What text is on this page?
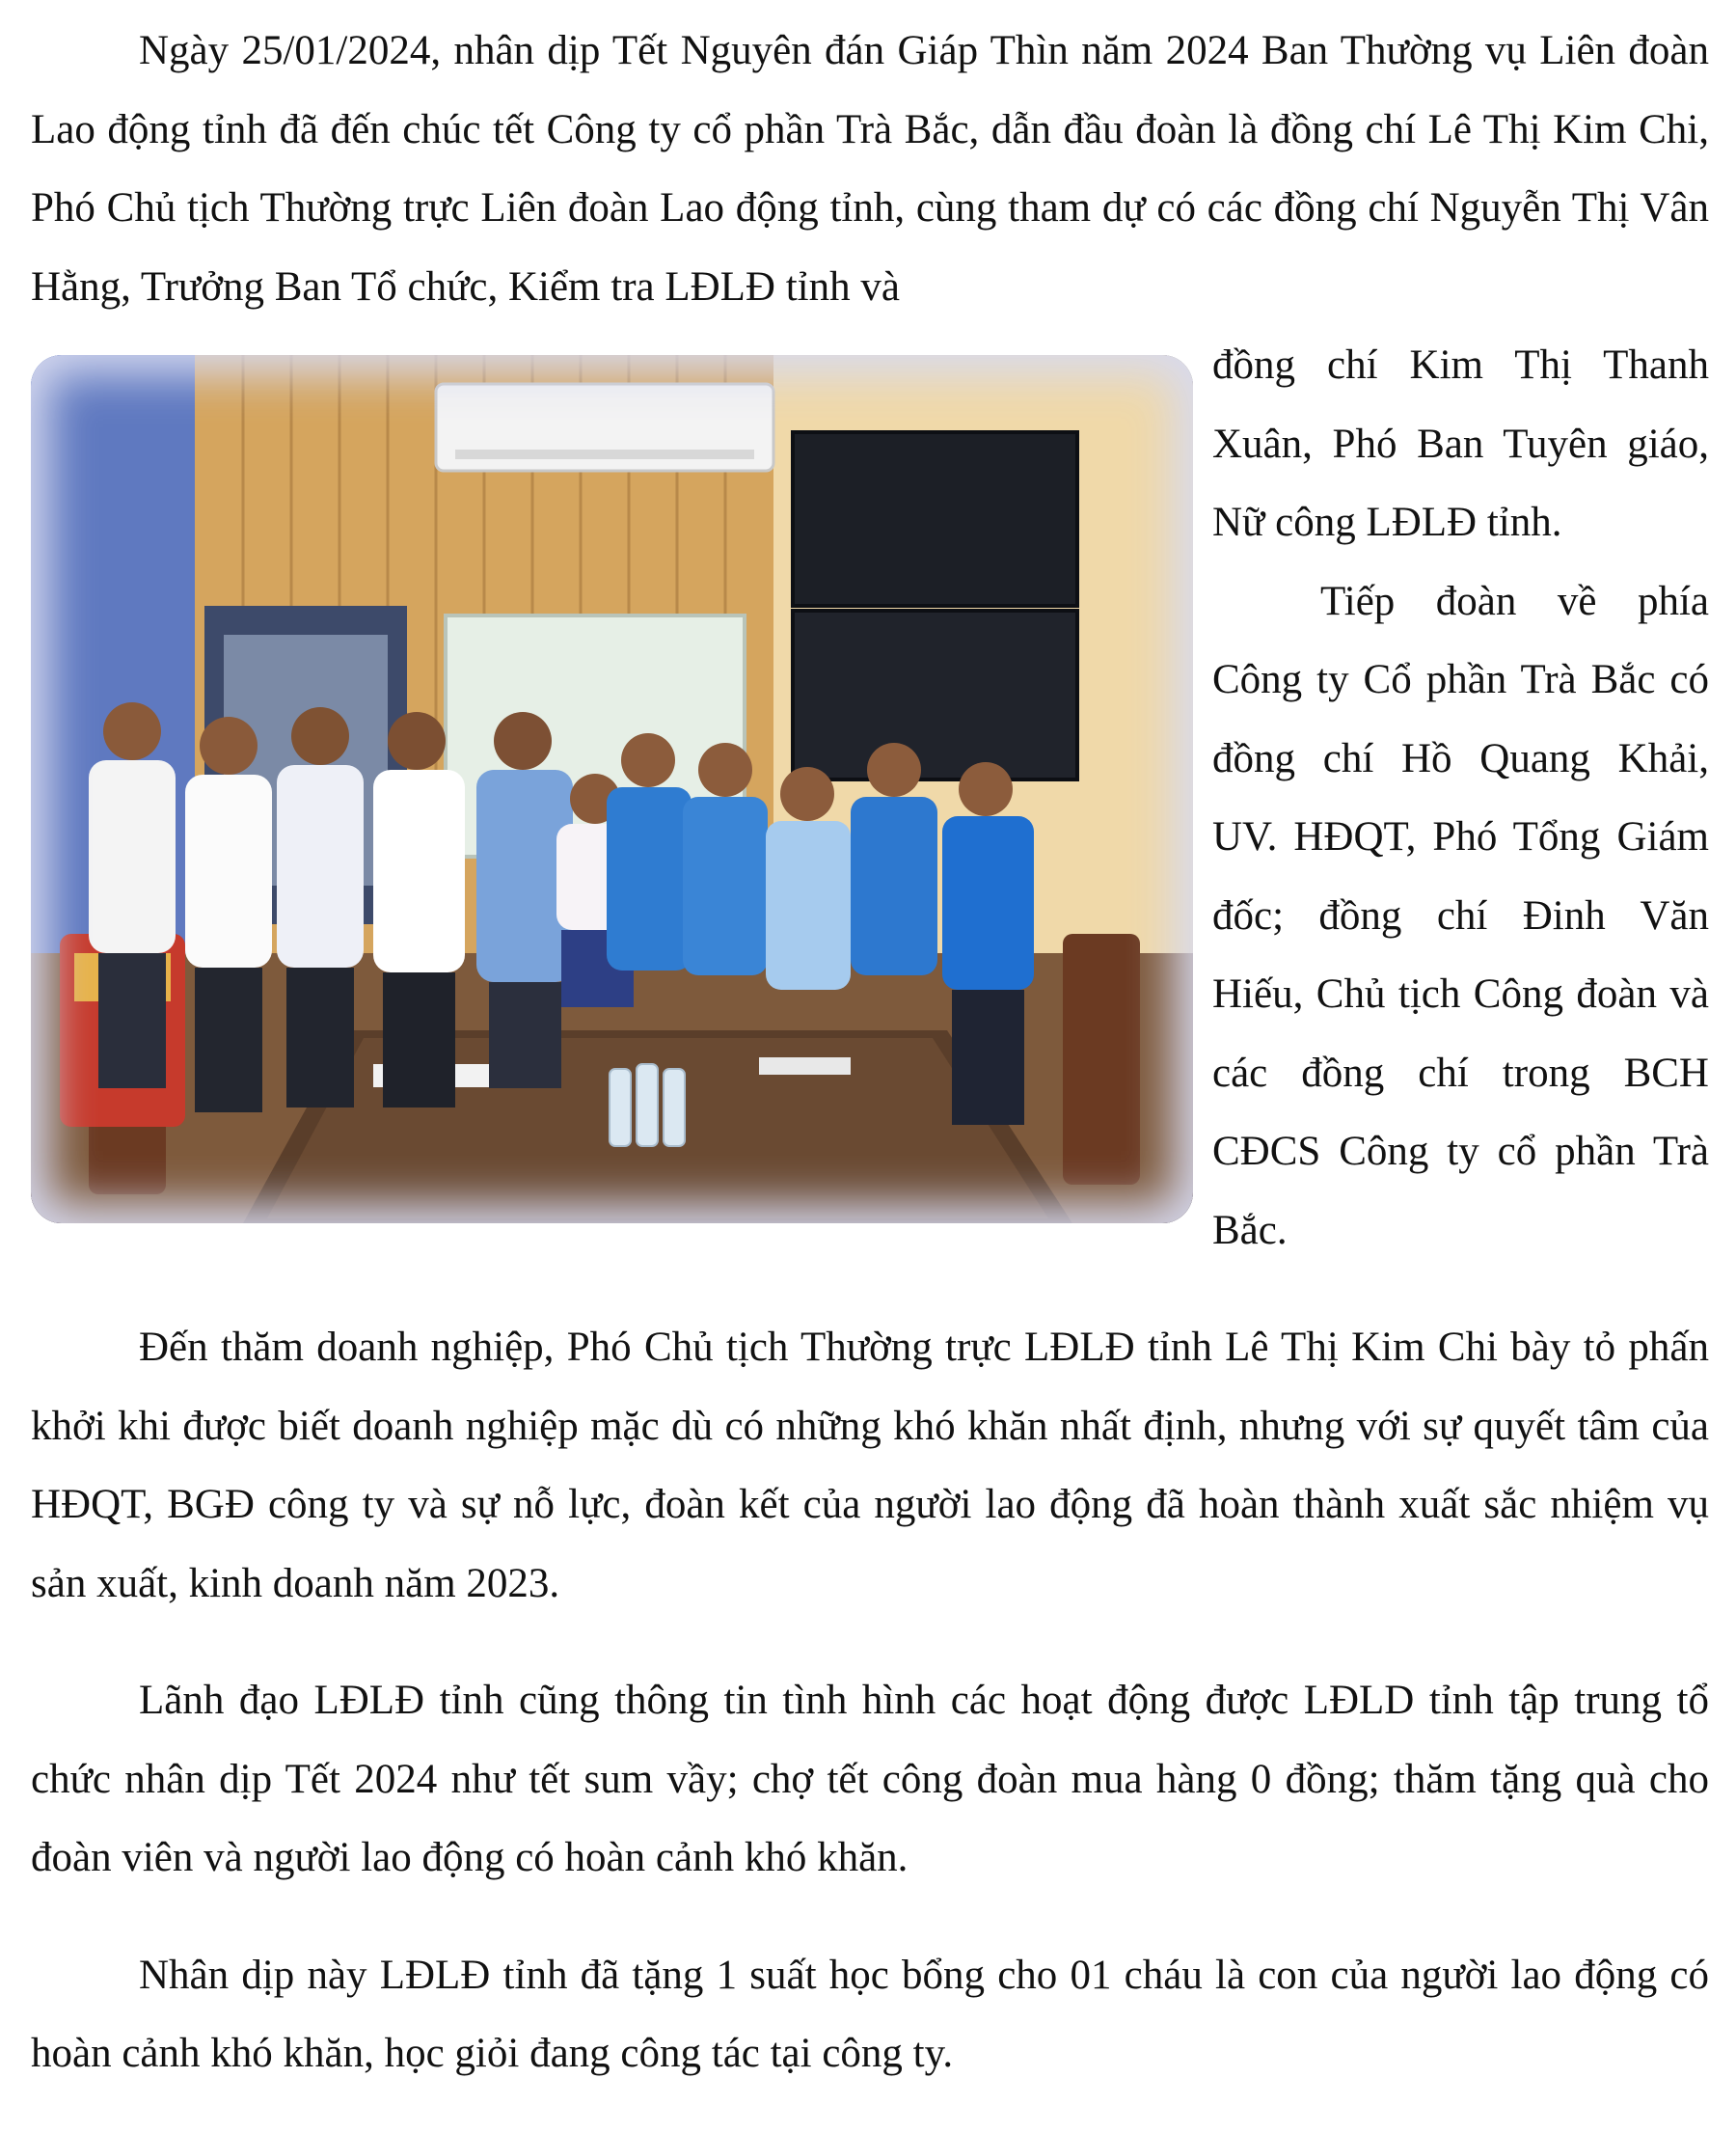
Ngày 25/01/2024, nhân dịp Tết Nguyên đán Giáp Thìn năm 2024 Ban Thường vụ Liên đoàn Lao động tỉnh đã đến chúc tết Công ty cổ phần Trà Bắc, dẫn đầu đoàn là đồng chí Lê Thị Kim Chi, Phó Chủ tịch Thường trực Liên đoàn Lao động tỉnh, cùng tham dự có các đồng chí Nguyễn Thị Vân Hằng, Trưởng Ban Tổ chức, Kiểm tra LĐLĐ tỉnh và

đồng chí Kim Thị Thanh Xuân, Phó Ban Tuyên giáo, Nữ công LĐLĐ tỉnh.

Tiếp đoàn về phía Công ty Cổ phần Trà Bắc có đồng chí Hồ Quang Khải, UV. HĐQT, Phó Tổng Giám đốc; đồng chí Đinh Văn Hiếu, Chủ tịch Công đoàn và các đồng chí trong BCH CĐCS Công ty cổ phần Trà Bắc.

Đến thăm doanh nghiệp, Phó Chủ tịch Thường trực LĐLĐ tỉnh Lê Thị Kim Chi bày tỏ phấn khởi khi được biết doanh nghiệp mặc dù có những khó khăn nhất định, nhưng với sự quyết tâm của HĐQT, BGĐ công ty và sự nỗ lực, đoàn kết của người lao động đã hoàn thành xuất sắc nhiệm vụ sản xuất, kinh doanh năm 2023.

Lãnh đạo LĐLĐ tỉnh cũng thông tin tình hình các hoạt động được LĐLD tỉnh tập trung tổ chức nhân dịp Tết 2024 như tết sum vầy; chợ tết công đoàn mua hàng 0 đồng; thăm tặng quà cho đoàn viên và người lao động có hoàn cảnh khó khăn.

Nhân dịp này LĐLĐ tỉnh đã tặng 1 suất học bổng cho 01 cháu là con của người lao động có hoàn cảnh khó khăn, học giỏi đang công tác tại công ty.
